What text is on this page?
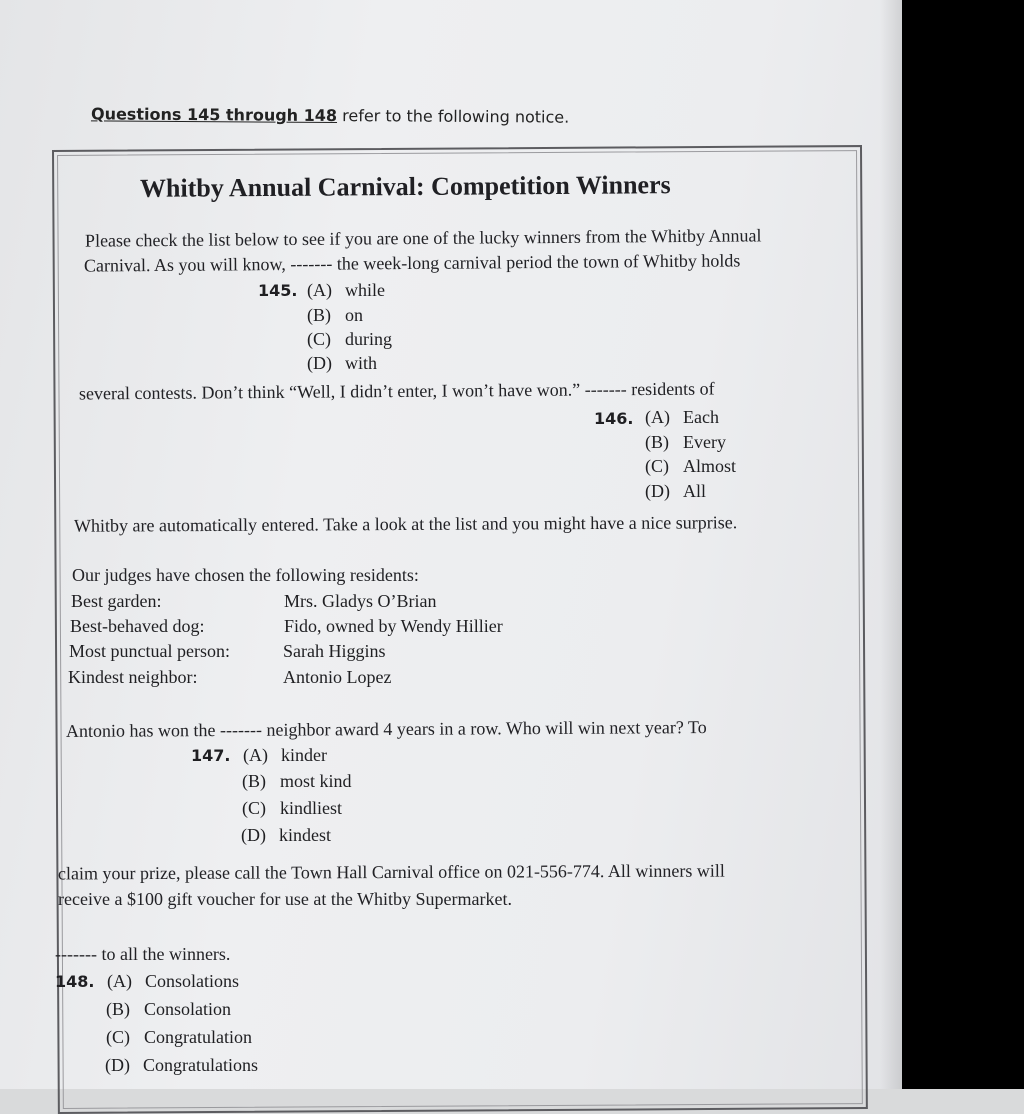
Questions 145 through 148 refer to the following notice.
Whitby Annual Carnival: Competition Winners
Please check the list below to see if you are one of the lucky winners from the Whitby Annual
Carnival. As you will know, ------- the week-long carnival period the town of Whitby holds
145. (A) while
(B) on
(C) during
(D) with
several contests. Don’t think “Well, I didn’t enter, I won’t have won.” ------- residents of
146. (A) Each
(B) Every
(C) Almost
(D) All
Whitby are automatically entered. Take a look at the list and you might have a nice surprise.
Our judges have chosen the following residents:
Best garden:	Mrs. Gladys O’Brian
Best-behaved dog:	Fido, owned by Wendy Hillier
Most punctual person:	Sarah Higgins
Kindest neighbor:	Antonio Lopez
Antonio has won the ------- neighbor award 4 years in a row. Who will win next year? To
147. (A) kinder
(B) most kind
(C) kindliest
(D) kindest
claim your prize, please call the Town Hall Carnival office on 021-556-774. All winners will
receive a $100 gift voucher for use at the Whitby Supermarket.
------- to all the winners.
148. (A) Consolations
(B) Consolation
(C) Congratulation
(D) Congratulations
